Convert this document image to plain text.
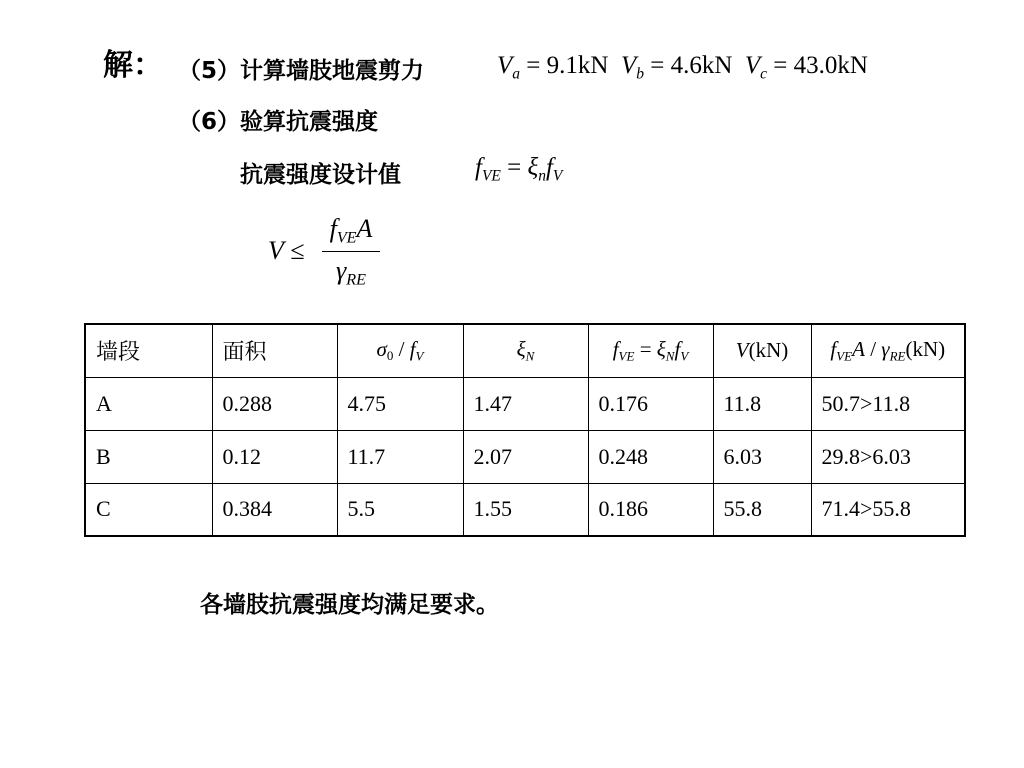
解： （5）计算墙肢地震剪力	$V_a = 9.1kN$ $V_b = 4.6kN$ $V_c = 43.0kN$
（6）验算抗震强度
抗震强度设计值	$f_{VE} = \xi_nf_V$
V ≤
$f_{VE}A$
$\gamma_{RE}$
墙段	面积	$\sigma 0 / f_V$	$\xi_N$	$f_{VE} = \xi_Nf_V$	V(kN)	$f_{VE}A / \gamma_{RE}(kN)$
A	0.288	4.75	1.47	0.176	11.8	50.7>11.8
B	0.12	11.7	2.07	0.248	6.03	29.8>6.03
C	0.384	5.5	1.55	0.186	55.8	71.4>55.8
各墙肢抗震强度均满足要求。
